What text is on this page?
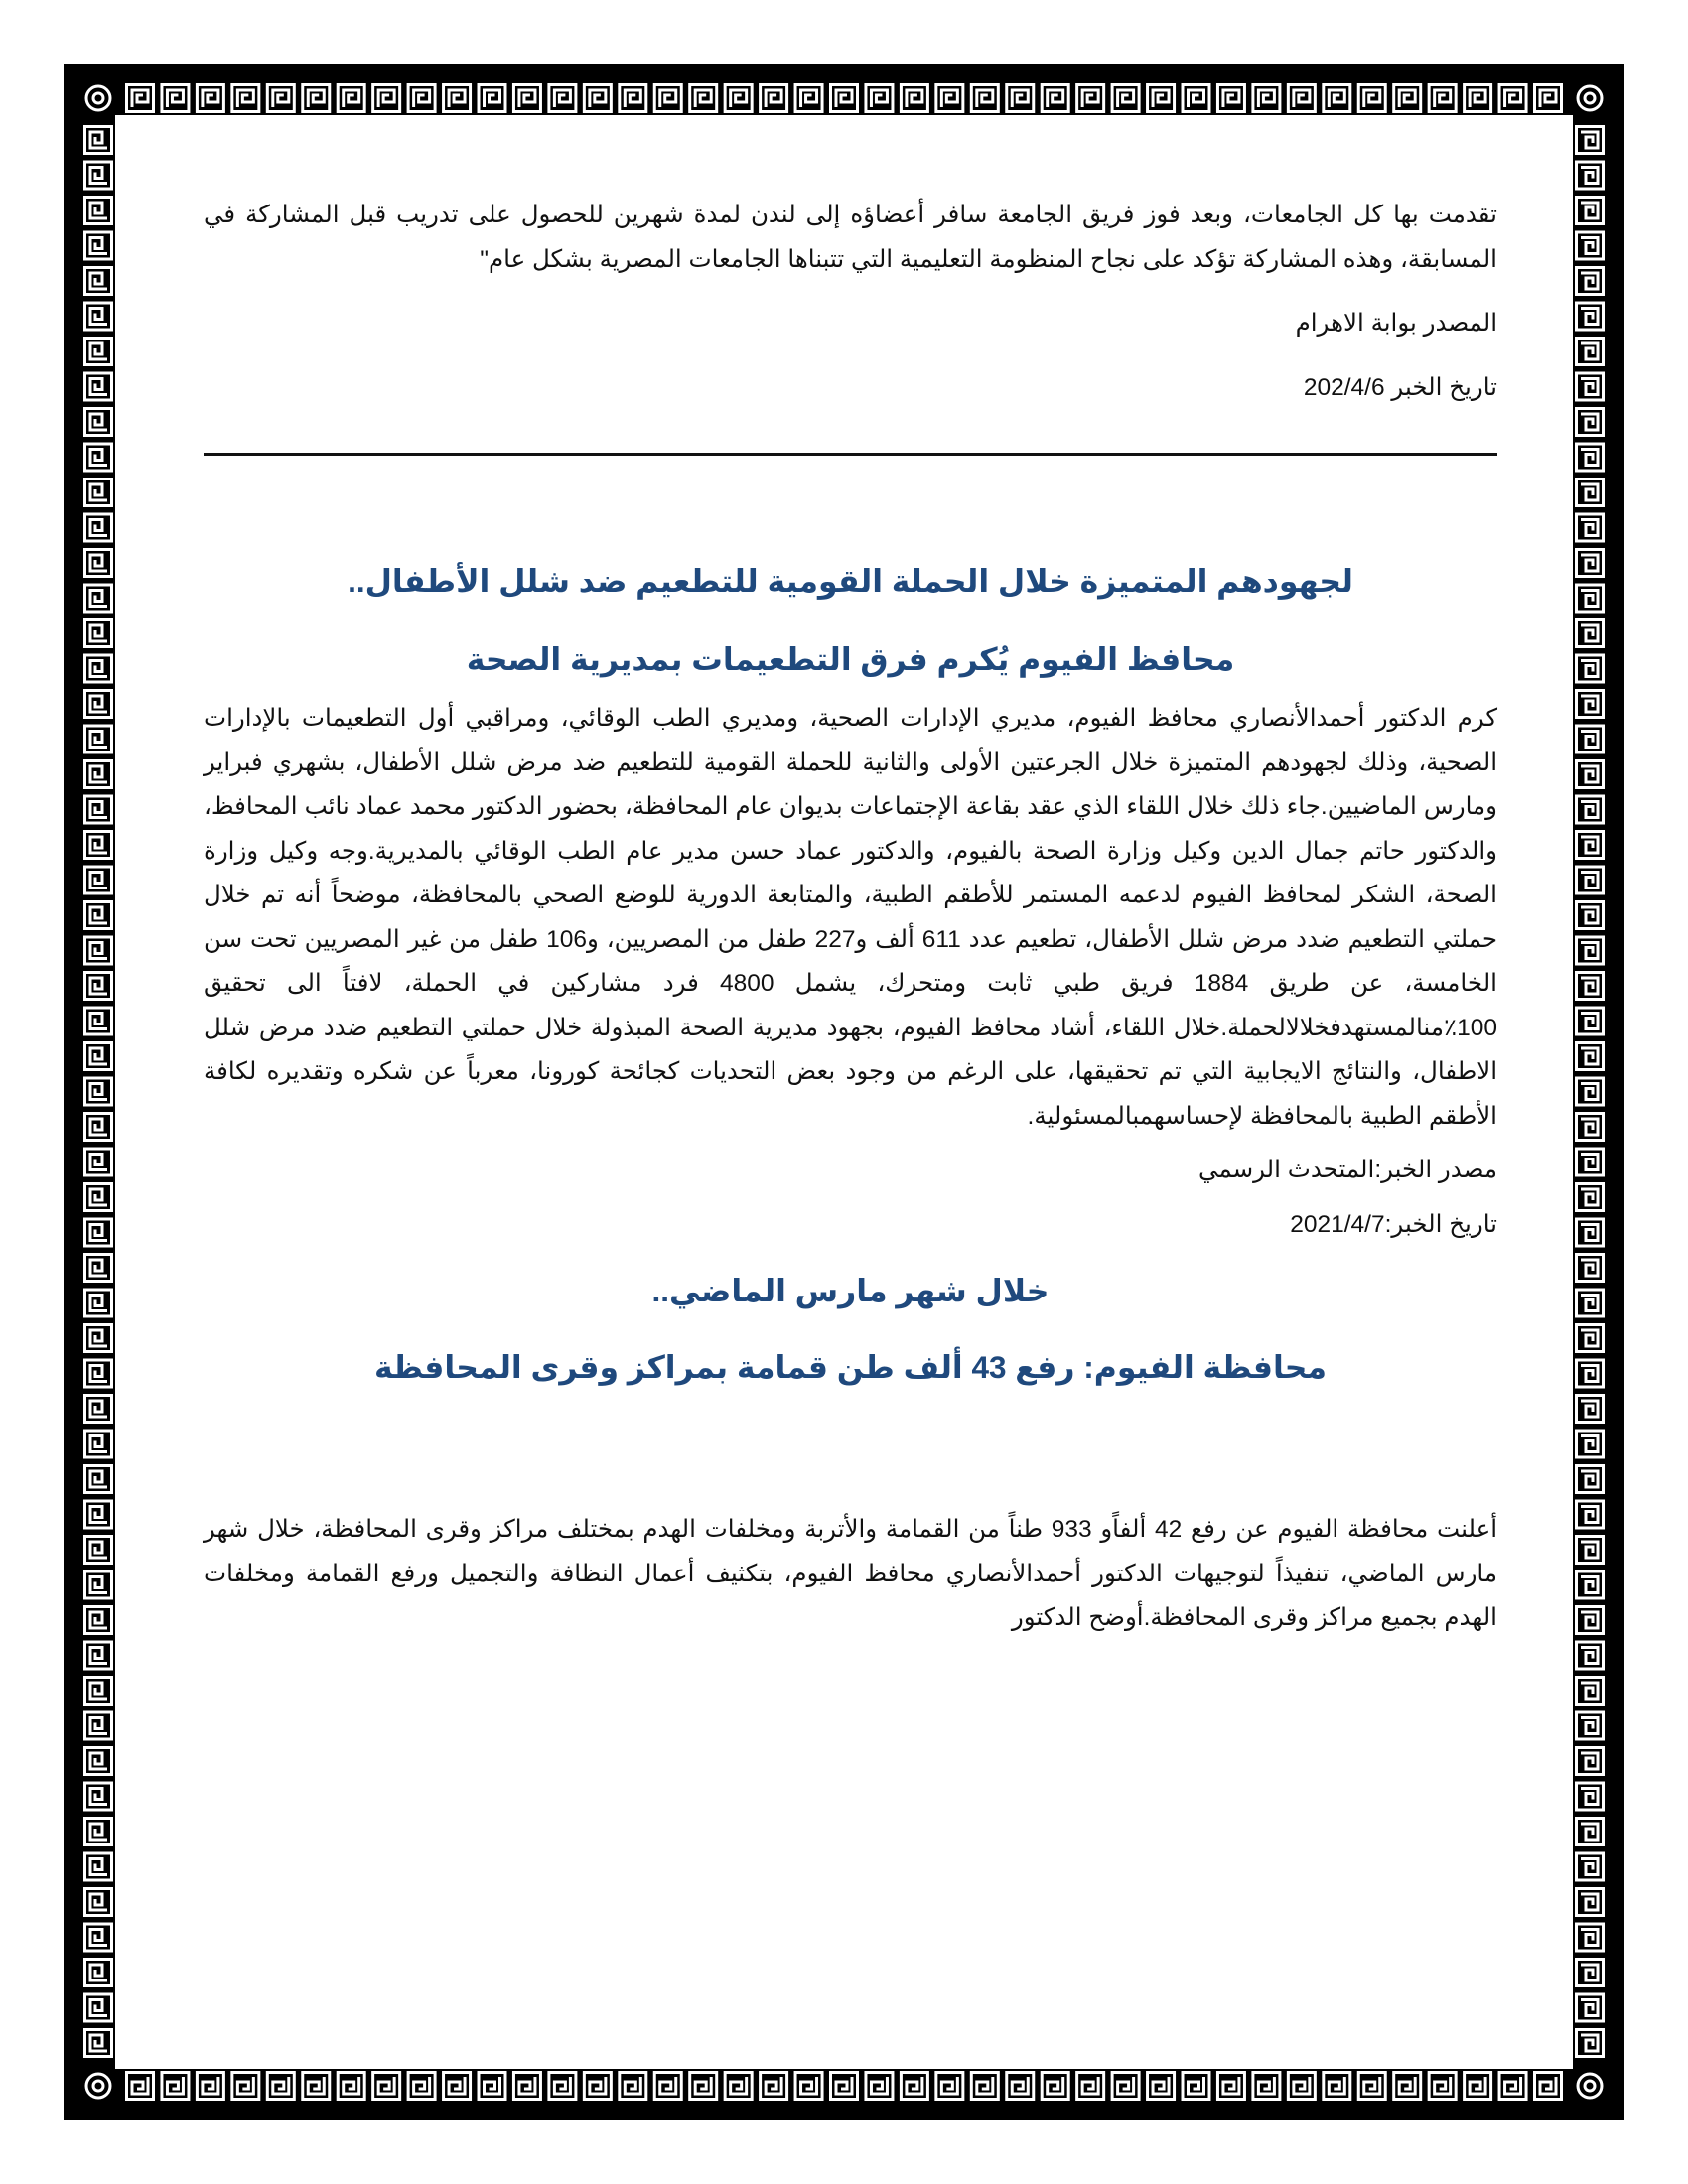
تقدمت بها كل الجامعات، وبعد فوز فريق الجامعة سافر أعضاؤه إلى لندن لمدة شهرين للحصول على تدريب قبل المشاركة في المسابقة، وهذه المشاركة تؤكد على نجاح المنظومة التعليمية التي تتبناها الجامعات المصرية بشكل عام"

المصدر بوابة الاهرام

تاريخ الخبر 202/4/6

لجهودهم المتميزة خلال الحملة القومية للتطعيم ضد شلل الأطفال..
محافظ الفيوم يُكرم فرق التطعيمات بمديرية الصحة

كرم الدكتور أحمدالأنصاري محافظ الفيوم، مديري الإدارات الصحية، ومديري الطب الوقائي، ومراقبي أول التطعيمات بالإدارات الصحية، وذلك لجهودهم المتميزة خلال الجرعتين الأولى والثانية للحملة القومية للتطعيم ضد مرض شلل الأطفال، بشهري فبراير ومارس الماضيين.جاء ذلك خلال اللقاء الذي عقد بقاعة الإجتماعات بديوان عام المحافظة، بحضور الدكتور محمد عماد نائب المحافظ، والدكتور حاتم جمال الدين وكيل وزارة الصحة بالفيوم، والدكتور عماد حسن مدير عام الطب الوقائي بالمديرية.وجه وكيل وزارة الصحة، الشكر لمحافظ الفيوم لدعمه المستمر للأطقم الطبية، والمتابعة الدورية للوضع الصحي بالمحافظة، موضحاً أنه تم خلال حملتي التطعيم ضدد مرض شلل الأطفال، تطعيم عدد 611 ألف و227 طفل من المصريين، و106 طفل من غير المصريين تحت سن الخامسة، عن طريق 1884 فريق طبي ثابت ومتحرك، يشمل 4800 فرد مشاركين في الحملة، لافتاً الى تحقيق 100٪منالمستهدفخلالالحملة.خلال اللقاء، أشاد محافظ الفيوم، بجهود مديرية الصحة المبذولة خلال حملتي التطعيم ضدد مرض شلل الاطفال، والنتائج الايجابية التي تم تحقيقها، على الرغم من وجود بعض التحديات كجائحة كورونا، معرباً عن شكره وتقديره لكافة الأطقم الطبية بالمحافظة لإحساسهمبالمسئولية.

مصدر الخبر:المتحدث الرسمي

تاريخ الخبر:2021/4/7

خلال شهر مارس الماضي..
محافظة الفيوم: رفع 43 ألف طن قمامة بمراكز وقرى المحافظة

أعلنت محافظة الفيوم عن رفع 42 ألفاًو 933 طناً من القمامة والأتربة ومخلفات الهدم بمختلف مراكز وقرى المحافظة، خلال شهر مارس الماضي، تنفيذاً لتوجيهات الدكتور أحمدالأنصاري محافظ الفيوم، بتكثيف أعمال النظافة والتجميل ورفع القمامة ومخلفات الهدم بجميع مراكز وقرى المحافظة.أوضح الدكتور
